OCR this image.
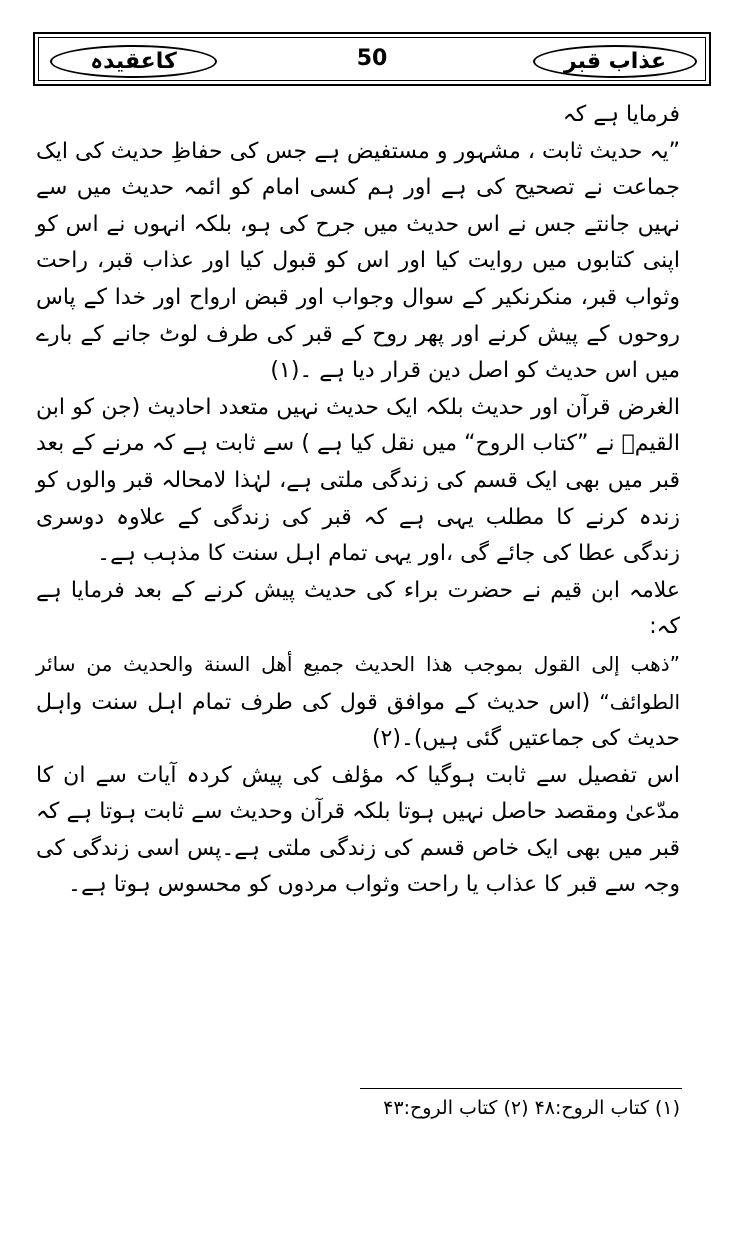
عذاب قبر
50
کاعقیدہ

فرمایا ہے کہ

”یہ حدیث ثابت ، مشہور و مستفیض ہے جس کی حفاظِ حدیث کی ایک جماعت نے تصحیح کی ہے اور ہم کسی امام کو ائمہ حدیث میں سے نہیں جانتے جس نے اس حدیث میں جرح کی ہو، بلکہ انہوں نے اس کو اپنی کتابوں میں روایت کیا اور اس کو قبول کیا اور عذاب قبر، راحت وثواب قبر، منکرنکیر کے سوال وجواب اور قبض ارواح اور خدا کے پاس روحوں کے پیش کرنے اور پھر روح کے قبر کی طرف لوٹ جانے کے بارے میں اس حدیث کو اصل دین قرار دیا ہے ۔(۱)

الغرض قرآن اور حدیث بلکہ ایک حدیث نہیں متعدد احادیث (جن کو ابن القیمؒ نے ”کتاب الروح“ میں نقل کیا ہے ) سے ثابت ہے کہ مرنے کے بعد قبر میں بھی ایک قسم کی زندگی ملتی ہے، لہٰذا لامحالہ قبر والوں کو زندہ کرنے کا مطلب یہی ہے کہ قبر کی زندگی کے علاوہ دوسری زندگی عطا کی جائے گی ،اور یہی تمام اہل سنت کا مذہب ہے۔

علامہ ابن قیم نے حضرت براء کی حدیث پیش کرنے کے بعد فرمایا ہے کہ:

”ذهب إلى القول بموجب هذا الحديث جميع أهل السنة والحديث من سائر الطوائف“ (اس حدیث کے موافق قول کی طرف تمام اہل سنت واہل حدیث کی جماعتیں گئی ہیں)۔(۲)

اس تفصیل سے ثابت ہوگیا کہ مؤلف کی پیش کردہ آیات سے ان کا مدّعیٰ ومقصد حاصل نہیں ہوتا بلکہ قرآن وحدیث سے ثابت ہوتا ہے کہ قبر میں بھی ایک خاص قسم کی زندگی ملتی ہے۔پس اسی زندگی کی وجہ سے قبر کا عذاب یا راحت وثواب مردوں کو محسوس ہوتا ہے۔

(۱) کتاب الروح:۴۸ (۲) کتاب الروح:۴۳
